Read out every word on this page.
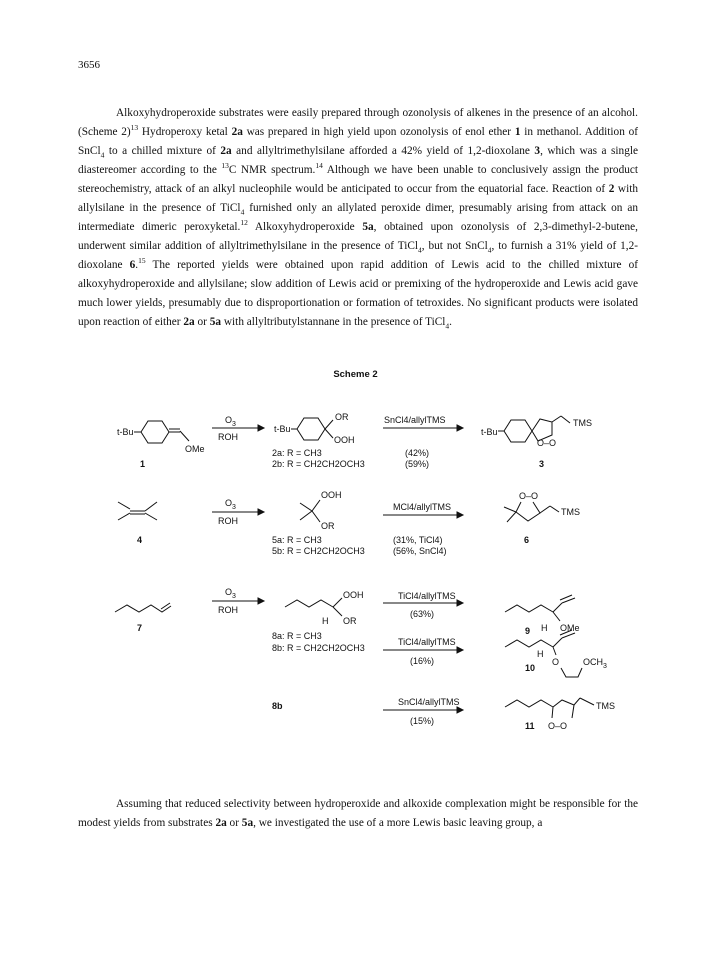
3656

Alkoxyhydroperoxide substrates were easily prepared through ozonolysis of alkenes in the presence of an alcohol.(Scheme 2)$^{13}$ Hydroperoxy ketal 2a was prepared in high yield upon ozonolysis of enol ether 1 in methanol. Addition of SnCl$_4$ to a chilled mixture of 2a and allyltrimethylsilane afforded a 42% yield of 1,2-dioxolane 3, which was a single diastereomer according to the $^{13}$C NMR spectrum.$^{14}$ Although we have been unable to conclusively assign the product stereochemistry, attack of an alkyl nucleophile would be anticipated to occur from the equatorial face. Reaction of 2 with allylsilane in the presence of TiCl$_4$ furnished only an allylated peroxide dimer, presumably arising from attack on an intermediate dimeric peroxyketal.$^{12}$ Alkoxyhydroperoxide 5a, obtained upon ozonolysis of 2,3-dimethyl-2-butene, underwent similar addition of allyltrimethylsilane in the presence of TiCl$_4$, but not SnCl$_4$, to furnish a 31% yield of 1,2-dioxolane 6.15 The reported yields were obtained upon rapid addition of Lewis acid to the chilled mixture of alkoxyhydroperoxide and allylsilane; slow addition of Lewis acid or premixing of the hydroperoxide and Lewis acid gave much lower yields, presumably due to disproportionation or formation of tetroxides. No significant products were isolated upon reaction of either 2a or 5a with allyltributylstannane in the presence of TiCl$_4$.

Scheme 2
t-Bu
OMe
1
$O_3$
ROH
t-Bu
OR
OOH
2a: R = CH3
2b: R = CH2CH2OCH3
SnCl4/allylTMS
(42%)
(59%)
t-Bu
TMS
O–O
3
4
$O_3$
ROH
OOH
OR
5a: R = CH3
5b: R = CH2CH2OCH3
MCl4/allylTMS
(31%, TiCl4)
(56%, SnCl4)
O–O
TMS
6
7
$O_3$
ROH
OOH
OR
H
8a: R = CH3
TiCl4/allylTMS
(63%)
OMe
H
9
8b: R = CH2CH2OCH3
TiCl4/allylTMS
(16%)
H
O	$OCH_3$
10
8b	SnCl4/allylTMS
(15%)
TMS
O–O
11

Assuming that reduced selectivity between hydroperoxide and alkoxide complexation might be responsible for the modest yields from substrates 2a or 5a, we investigated the use of a more Lewis basic leaving group, a
